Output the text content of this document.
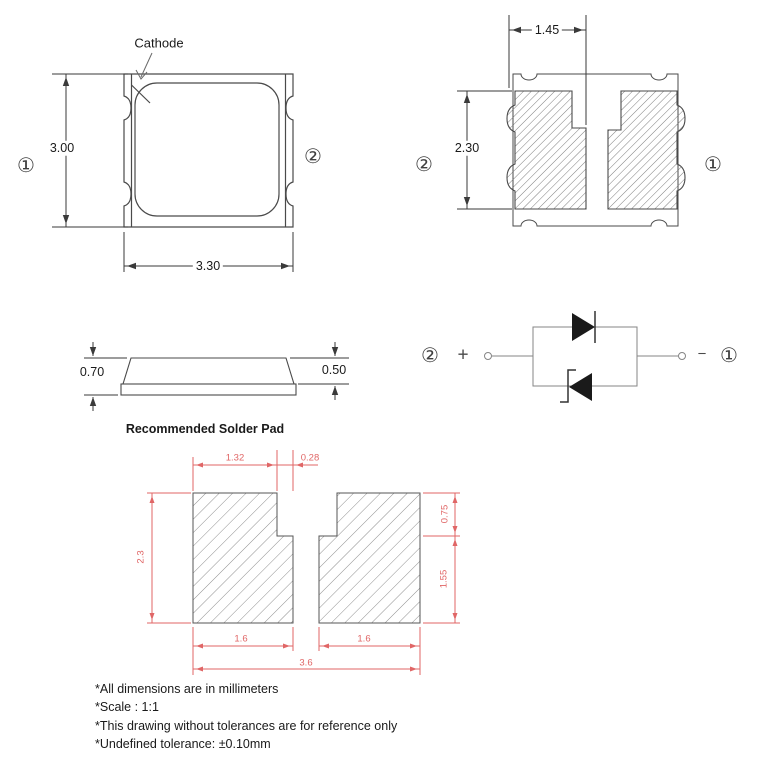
Cathode
3.00
3.30
①	②
1.45
2.30
②	①
0.70	0.50
② +	− ①
Recommended Solder Pad
1.32	0.28
2.3
0.75
1.55
1.6	1.6
3.6
*All dimensions are in millimeters
*Scale : 1:1
*This drawing without tolerances are for reference only
*Undefined tolerance: ±0.10mm
